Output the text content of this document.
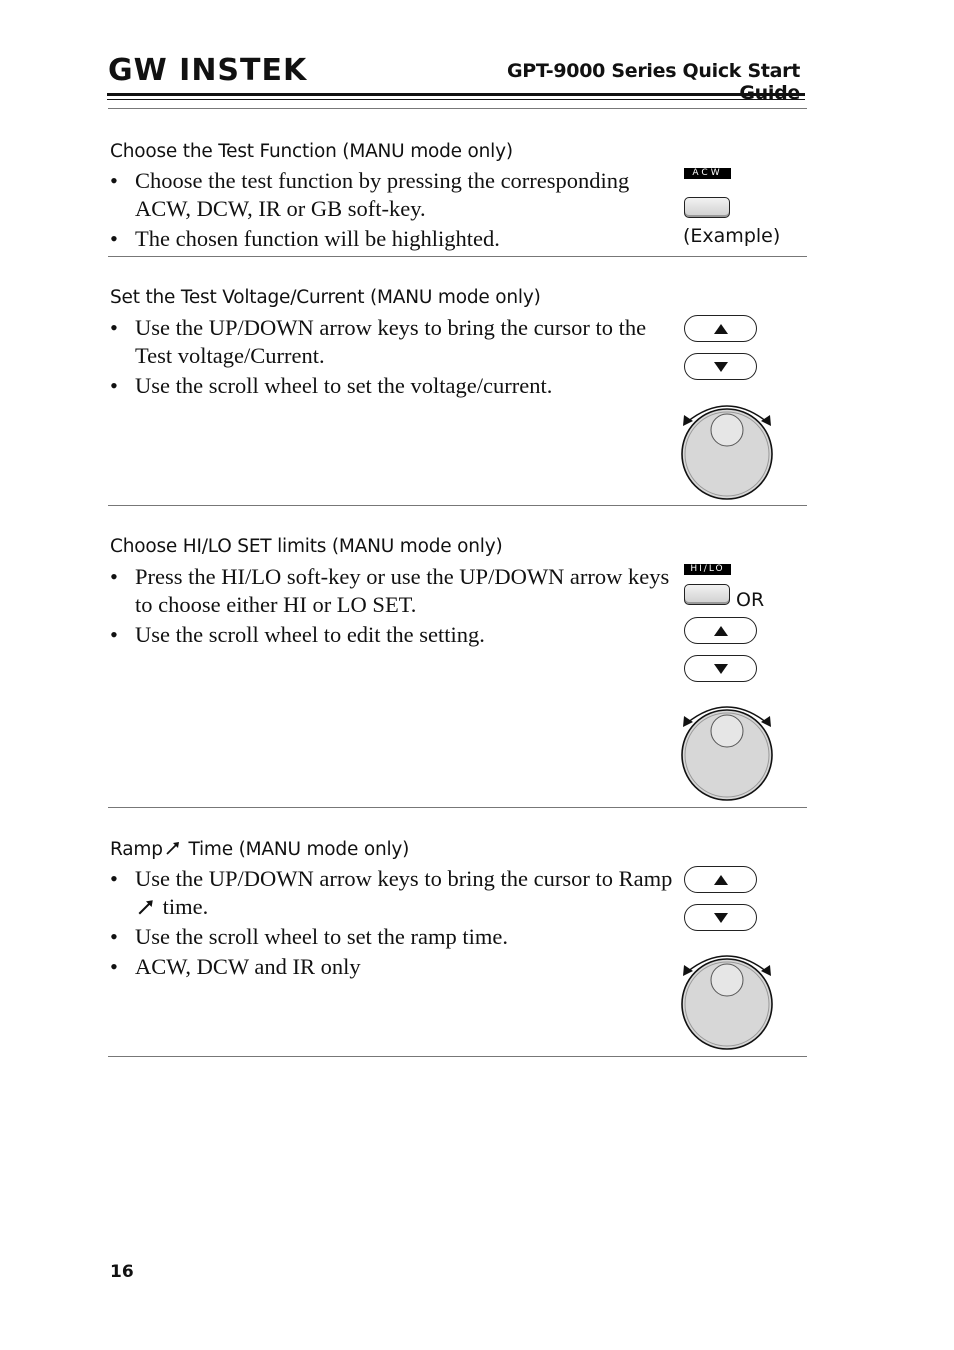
GW INSTEK	GPT-9000 Series Quick Start
Choose the Test Function (MANU mode only)
• Choose the test function by pressing the corresponding ACW, DCW, IR or GB soft-key.
• The chosen function will be highlighted.
ACW
(Example)
Set the Test Voltage/Current (MANU mode only)
• Use the UP/DOWN arrow keys to bring the cursor to the Test voltage/Current.
• Use the scroll wheel to set the voltage/current.
Choose HI/LO SET limits (MANU mode only)
• Press the HI/LO soft-key or use the UP/DOWN arrow keys to choose either HI or LO SET.
• Use the scroll wheel to edit the setting.
HI/LO
OR
Ramp Time (MANU mode only)
• Use the UP/DOWN arrow keys to bring the cursor to Ramp time.
• Use the scroll wheel to set the ramp time.
• ACW, DCW and IR only
16
